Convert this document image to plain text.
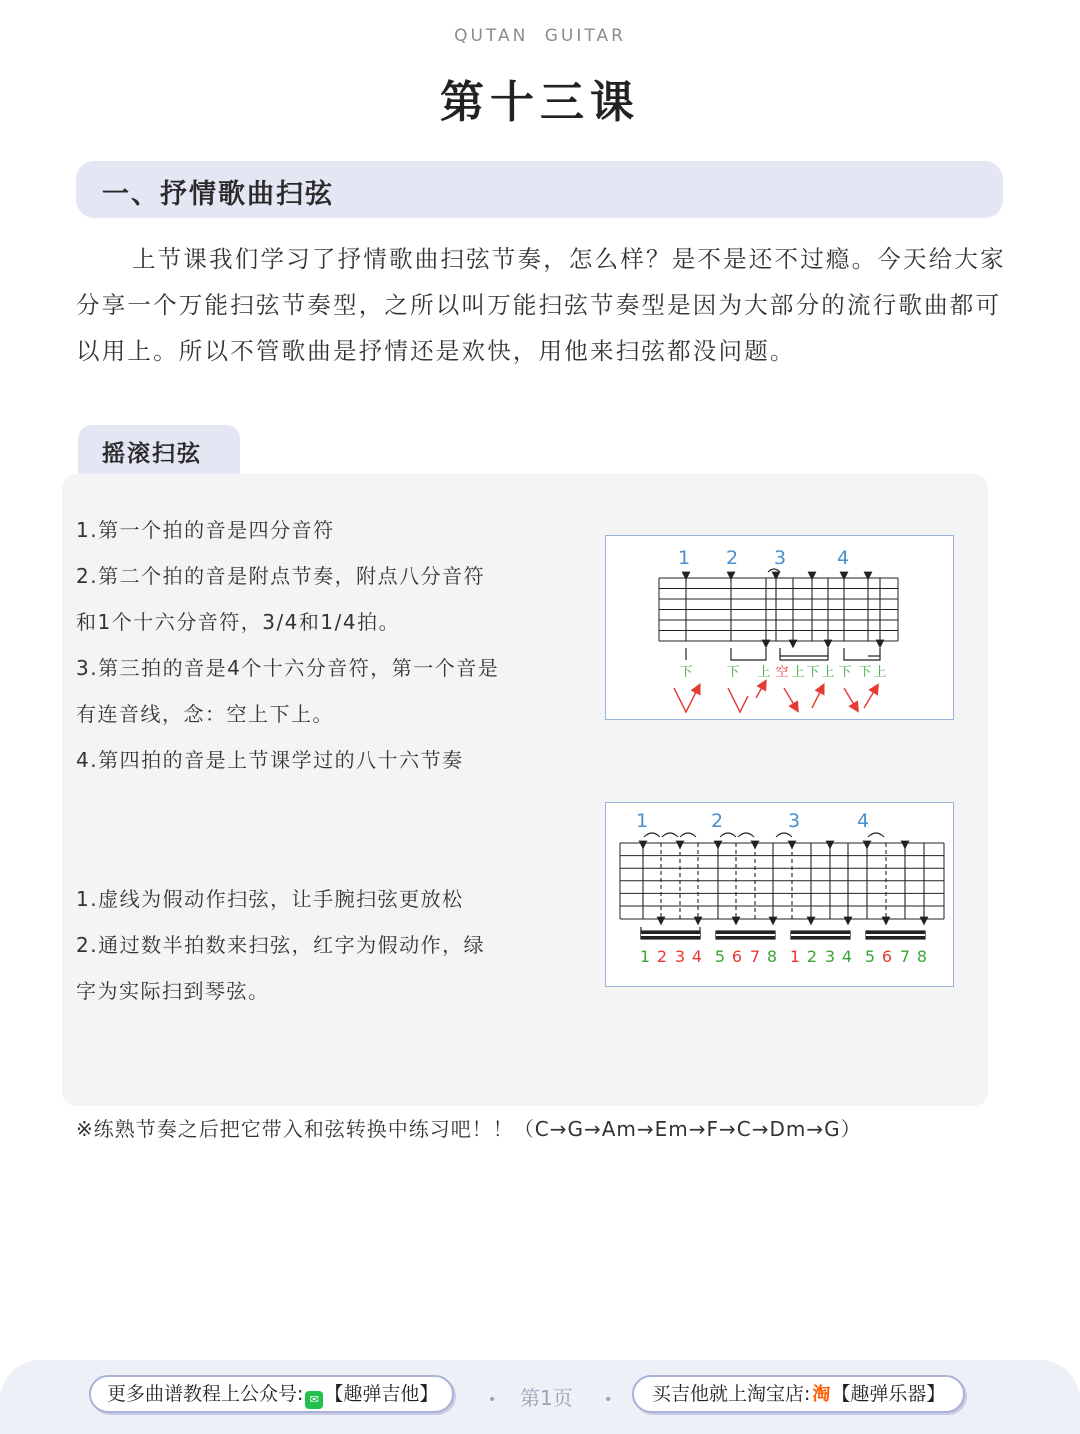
QUTAN GUITAR
第十三课
一、抒情歌曲扫弦

上节课我们学习了抒情歌曲扫弦节奏，怎么样？是不是还不过瘾。今天给大家分享一个万能扫弦节奏型，之所以叫万能扫弦节奏型是因为大部分的流行歌曲都可以用上。所以不管歌曲是抒情还是欢快，用他来扫弦都没问题。

摇滚扫弦
1.第一个拍的音是四分音符
2.第二个拍的音是附点节奏，附点八分音符
和1个十六分音符，3/4和1/4拍。
3.第三拍的音是4个十六分音符，第一个音是
有连音线，念：空上下上。
4.第四拍的音是上节课学过的八十六节奏
1.虚线为假动作扫弦，让手腕扫弦更放松
2.通过数半拍数来扫弦，红字为假动作，绿
字为实际扫到琴弦。
1 2 3	4
下	下 上 空 上 下 上 下 下 上
1	2	3	4
1 2 3 4 5 6 7 8 1 2 3 4 5 6 7 8
※练熟节奏之后把它带入和弦转换中练习吧！！（C→G→Am→Em→F→C→Dm→G）
更多曲谱教程上公众号: ✉ 【趣弹吉他】	• 第1页 •	买吉他就上淘宝店: 淘【趣弹乐器】
